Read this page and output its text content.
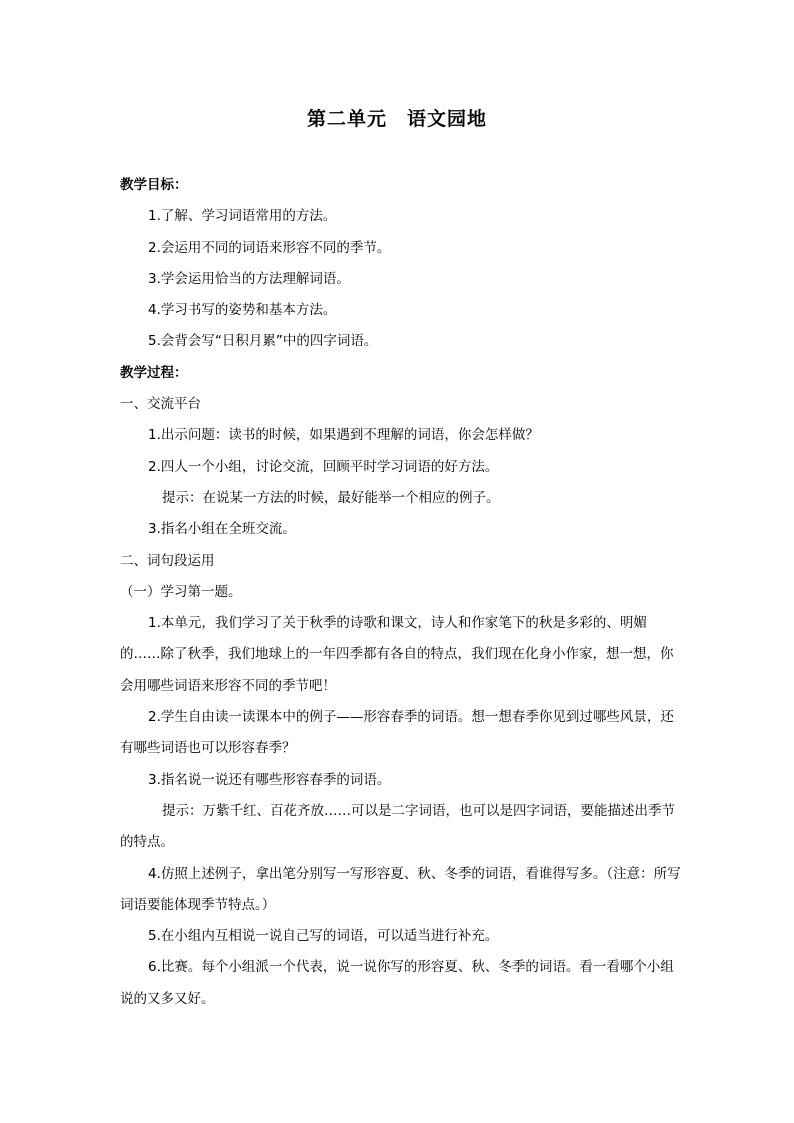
第二单元　语文园地

教学目标：

1.了解、学习词语常用的方法。

2.会运用不同的词语来形容不同的季节。

3.学会运用恰当的方法理解词语。

4.学习书写的姿势和基本方法。

5.会背会写“日积月累”中的四字词语。

教学过程：

一、交流平台

1.出示问题：读书的时候，如果遇到不理解的词语，你会怎样做？

2.四人一个小组，讨论交流，回顾平时学习词语的好方法。

提示：在说某一方法的时候，最好能举一个相应的例子。

3.指名小组在全班交流。

二、词句段运用

（一）学习第一题。

1.本单元，我们学习了关于秋季的诗歌和课文，诗人和作家笔下的秋是多彩的、明媚的……除了秋季，我们地球上的一年四季都有各自的特点，我们现在化身小作家，想一想，你会用哪些词语来形容不同的季节吧！

2.学生自由读一读课本中的例子——形容春季的词语。想一想春季你见到过哪些风景，还有哪些词语也可以形容春季？

3.指名说一说还有哪些形容春季的词语。

提示：万紫千红、百花齐放……可以是二字词语，也可以是四字词语，要能描述出季节的特点。

4.仿照上述例子，拿出笔分别写一写形容夏、秋、冬季的词语，看谁得写多。（注意：所写词语要能体现季节特点。）

5.在小组内互相说一说自己写的词语，可以适当进行补充。

6.比赛。每个小组派一个代表，说一说你写的形容夏、秋、冬季的词语。看一看哪个小组说的又多又好。
